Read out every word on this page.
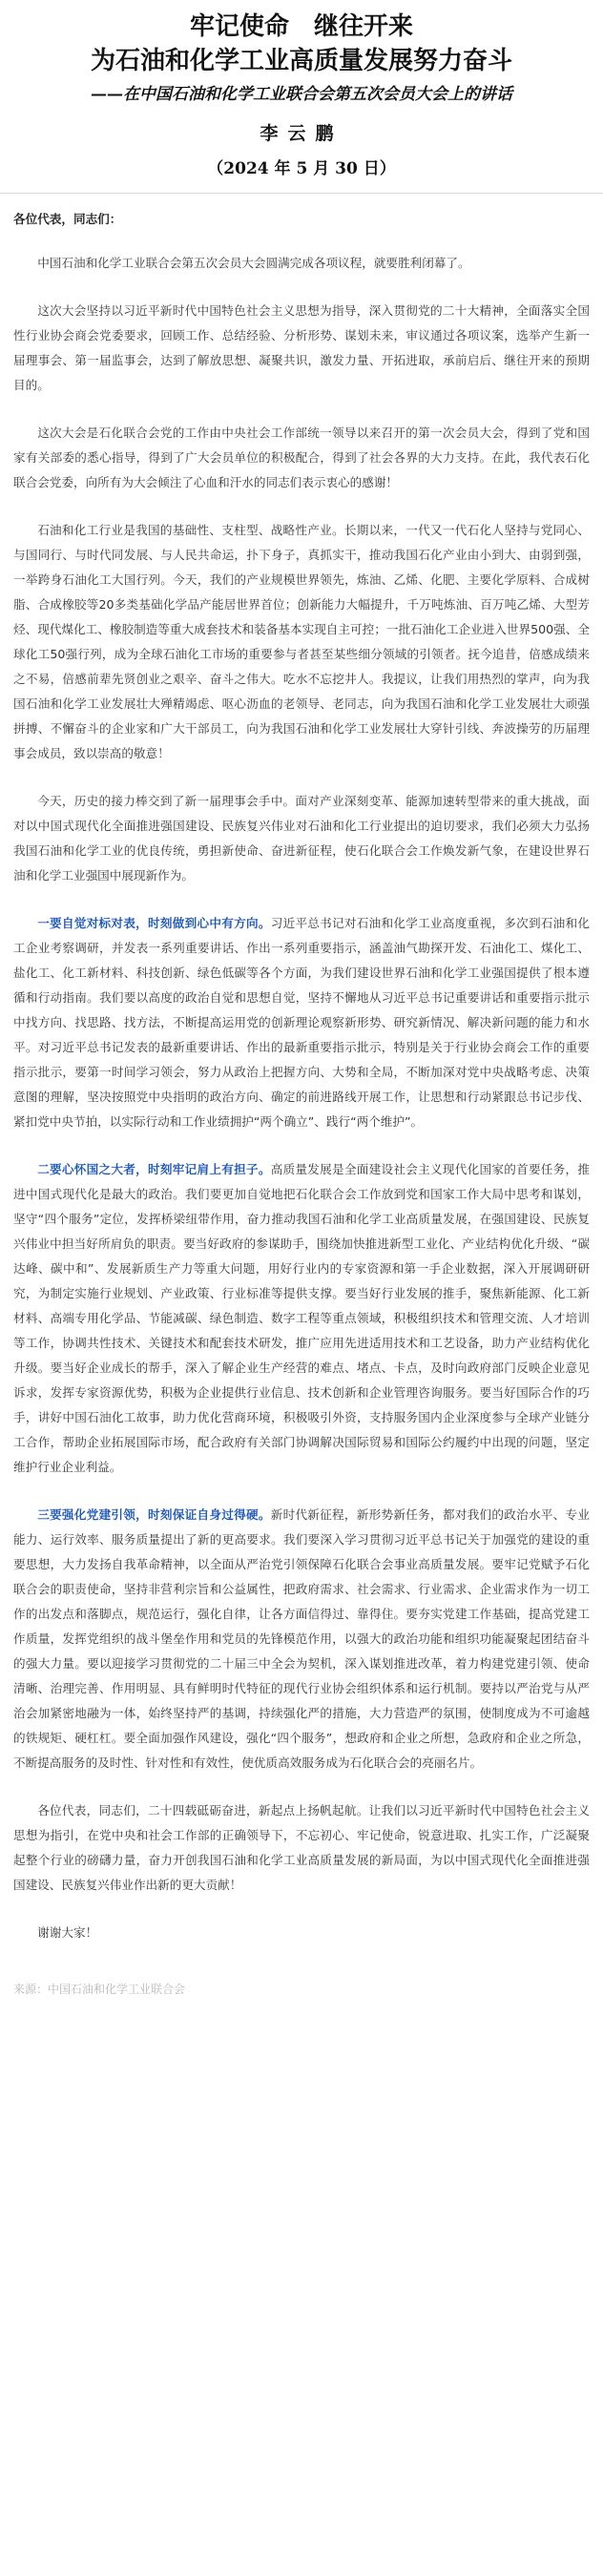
牢记使命　继往开来
为石油和化学工业高质量发展努力奋斗
——在中国石油和化学工业联合会第五次会员大会上的讲话
李云鹏
（2024 年 5 月 30 日）

各位代表，同志们：

中国石油和化学工业联合会第五次会员大会圆满完成各项议程，就要胜利闭幕了。

这次大会坚持以习近平新时代中国特色社会主义思想为指导，深入贯彻党的二十大精神，全面落实全国性行业协会商会党委要求，回顾工作、总结经验、分析形势、谋划未来，审议通过各项议案，选举产生新一届理事会、第一届监事会，达到了解放思想、凝聚共识，激发力量、开拓进取，承前启后、继往开来的预期目的。

这次大会是石化联合会党的工作由中央社会工作部统一领导以来召开的第一次会员大会，得到了党和国家有关部委的悉心指导，得到了广大会员单位的积极配合，得到了社会各界的大力支持。在此，我代表石化联合会党委，向所有为大会倾注了心血和汗水的同志们表示衷心的感谢！

石油和化工行业是我国的基础性、支柱型、战略性产业。长期以来，一代又一代石化人坚持与党同心、与国同行、与时代同发展、与人民共命运，扑下身子，真抓实干，推动我国石化产业由小到大、由弱到强，一举跨身石油化工大国行列。今天，我们的产业规模世界领先，炼油、乙烯、化肥、主要化学原料、合成树脂、合成橡胶等20多类基础化学品产能居世界首位；创新能力大幅提升，千万吨炼油、百万吨乙烯、大型芳烃、现代煤化工、橡胶制造等重大成套技术和装备基本实现自主可控；一批石油化工企业进入世界500强、全球化工50强行列，成为全球石油化工市场的重要参与者甚至某些细分领域的引领者。抚今追昔，倍感成绩来之不易，倍感前辈先贤创业之艰辛、奋斗之伟大。吃水不忘挖井人。我提议，让我们用热烈的掌声，向为我国石油和化学工业发展壮大殚精竭虑、呕心沥血的老领导、老同志，向为我国石油和化学工业发展壮大顽强拼搏、不懈奋斗的企业家和广大干部员工，向为我国石油和化学工业发展壮大穿针引线、奔波操劳的历届理事会成员，致以崇高的敬意！

今天，历史的接力棒交到了新一届理事会手中。面对产业深刻变革、能源加速转型带来的重大挑战，面对以中国式现代化全面推进强国建设、民族复兴伟业对石油和化工行业提出的迫切要求，我们必须大力弘扬我国石油和化学工业的优良传统，勇担新使命、奋进新征程，使石化联合会工作焕发新气象，在建设世界石油和化学工业强国中展现新作为。

一要自觉对标对表，时刻做到心中有方向。习近平总书记对石油和化学工业高度重视，多次到石油和化工企业考察调研，并发表一系列重要讲话、作出一系列重要指示，涵盖油气勘探开发、石油化工、煤化工、盐化工、化工新材料、科技创新、绿色低碳等各个方面，为我们建设世界石油和化学工业强国提供了根本遵循和行动指南。我们要以高度的政治自觉和思想自觉，坚持不懈地从习近平总书记重要讲话和重要指示批示中找方向、找思路、找方法，不断提高运用党的创新理论观察新形势、研究新情况、解决新问题的能力和水平。对习近平总书记发表的最新重要讲话、作出的最新重要指示批示，特别是关于行业协会商会工作的重要指示批示，要第一时间学习领会，努力从政治上把握方向、大势和全局，不断加深对党中央战略考虑、决策意图的理解，坚决按照党中央指明的政治方向、确定的前进路线开展工作，让思想和行动紧跟总书记步伐、紧扣党中央节拍，以实际行动和工作业绩拥护“两个确立”、践行“两个维护”。

二要心怀国之大者，时刻牢记肩上有担子。高质量发展是全面建设社会主义现代化国家的首要任务，推进中国式现代化是最大的政治。我们要更加自觉地把石化联合会工作放到党和国家工作大局中思考和谋划，坚守“四个服务”定位，发挥桥梁纽带作用，奋力推动我国石油和化学工业高质量发展，在强国建设、民族复兴伟业中担当好所肩负的职责。要当好政府的参谋助手，围绕加快推进新型工业化、产业结构优化升级、“碳达峰、碳中和”、发展新质生产力等重大问题，用好行业内的专家资源和第一手企业数据，深入开展调研研究，为制定实施行业规划、产业政策、行业标准等提供支撑。要当好行业发展的推手，聚焦新能源、化工新材料、高端专用化学品、节能减碳、绿色制造、数字工程等重点领域，积极组织技术和管理交流、人才培训等工作，协调共性技术、关键技术和配套技术研发，推广应用先进适用技术和工艺设备，助力产业结构优化升级。要当好企业成长的帮手，深入了解企业生产经营的难点、堵点、卡点，及时向政府部门反映企业意见诉求，发挥专家资源优势，积极为企业提供行业信息、技术创新和企业管理咨询服务。要当好国际合作的巧手，讲好中国石油化工故事，助力优化营商环境，积极吸引外资，支持服务国内企业深度参与全球产业链分工合作，帮助企业拓展国际市场，配合政府有关部门协调解决国际贸易和国际公约履约中出现的问题，坚定维护行业企业利益。

三要强化党建引领，时刻保证自身过得硬。新时代新征程，新形势新任务，都对我们的政治水平、专业能力、运行效率、服务质量提出了新的更高要求。我们要深入学习贯彻习近平总书记关于加强党的建设的重要思想，大力发扬自我革命精神，以全面从严治党引领保障石化联合会事业高质量发展。要牢记党赋予石化联合会的职责使命，坚持非营利宗旨和公益属性，把政府需求、社会需求、行业需求、企业需求作为一切工作的出发点和落脚点，规范运行，强化自律，让各方面信得过、靠得住。要夯实党建工作基础，提高党建工作质量，发挥党组织的战斗堡垒作用和党员的先锋模范作用，以强大的政治功能和组织功能凝聚起团结奋斗的强大力量。要以迎接学习贯彻党的二十届三中全会为契机，深入谋划推进改革，着力构建党建引领、使命清晰、治理完善、作用明显、具有鲜明时代特征的现代行业协会组织体系和运行机制。要持以严治党与从严治会加紧密地融为一体，始终坚持严的基调，持续强化严的措施，大力营造严的氛围，使制度成为不可逾越的铁规矩、硬杠杠。要全面加强作风建设，强化“四个服务”，想政府和企业之所想，急政府和企业之所急，不断提高服务的及时性、针对性和有效性，使优质高效服务成为石化联合会的亮丽名片。

各位代表，同志们，二十四载砥砺奋进，新起点上扬帆起航。让我们以习近平新时代中国特色社会主义思想为指引，在党中央和社会工作部的正确领导下，不忘初心、牢记使命，锐意进取、扎实工作，广泛凝聚起整个行业的磅礴力量，奋力开创我国石油和化学工业高质量发展的新局面，为以中国式现代化全面推进强国建设、民族复兴伟业作出新的更大贡献！

谢谢大家！

来源：中国石油和化学工业联合会
